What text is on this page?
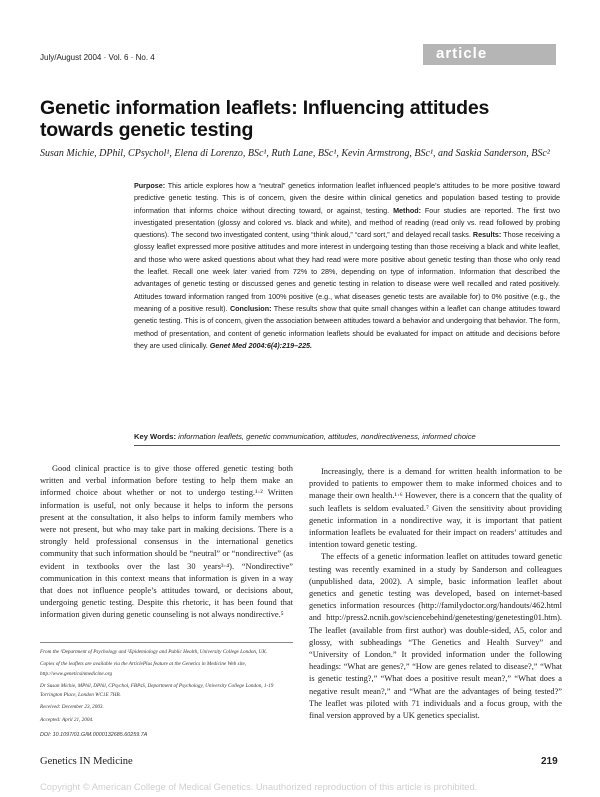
July/August 2004 · Vol. 6 · No. 4	article
Genetic information leaflets: Influencing attitudes towards genetic testing
Susan Michie, DPhil, CPsychol¹, Elena di Lorenzo, BSc¹, Ruth Lane, BSc¹, Kevin Armstrong, BSc¹, and Saskia Sanderson, BSc²
Purpose: This article explores how a “neutral” genetics information leaflet influenced people’s attitudes to be more positive toward predictive genetic testing. This is of concern, given the desire within clinical genetics and population based testing to provide information that informs choice without directing toward, or against, testing. Method: Four studies are reported. The first two investigated presentation (glossy and colored vs. black and white), and method of reading (read only vs. read followed by probing questions). The second two investigated content, using “think aloud,” “card sort,” and delayed recall tasks. Results: Those receiving a glossy leaflet expressed more positive attitudes and more interest in undergoing testing than those receiving a black and white leaflet, and those who were asked questions about what they had read were more positive about genetic testing than those who only read the leaflet. Recall one week later varied from 72% to 28%, depending on type of information. Information that described the advantages of genetic testing or discussed genes and genetic testing in relation to disease were well recalled and rated positively. Attitudes toward information ranged from 100% positive (e.g., what diseases genetic tests are available for) to 0% positive (e.g., the meaning of a positive result). Conclusion: These results show that quite small changes within a leaflet can change attitudes toward genetic testing. This is of concern, given the association between attitudes toward a behavior and undergoing that behavior. The form, method of presentation, and content of genetic information leaflets should be evaluated for impact on attitude and decisions before they are used clinically. Genet Med 2004:6(4):219–225.
Key Words: information leaflets, genetic communication, attitudes, nondirectiveness, informed choice

Good clinical practice is to give those offered genetic testing both written and verbal information before testing to help them make an informed choice about whether or not to undergo testing.¹·² Written information is useful, not only because it helps to inform the persons present at the consultation, it also helps to inform family members who were not present, but who may take part in making decisions. There is a strongly held professional consensus in the international genetics community that such information should be “neutral” or “nondirective” (as evident in textbooks over the last 30 years³·⁴). “Nondirective” communication in this context means that information is given in a way that does not influence people’s attitudes toward, or decisions about, undergoing genetic testing. Despite this rhetoric, it has been found that information given during genetic counseling is not always nondirective.⁵

Increasingly, there is a demand for written health information to be provided to patients to empower them to make informed choices and to manage their own health.¹·⁶ However, there is a concern that the quality of such leaflets is seldom evaluated.⁷ Given the sensitivity about providing genetic information in a nondirective way, it is important that patient information leaflets be evaluated for their impact on readers’ attitudes and intention toward genetic testing.

The effects of a genetic information leaflet on attitudes toward genetic testing was recently examined in a study by Sanderson and colleagues (unpublished data, 2002). A simple, basic information leaflet about genetics and genetic testing was developed, based on internet-based genetics information resources (http://familydoctor.org/handouts/462.html and http://press2.ncnih.gov/sciencebehind/genetesting/genetesting01.htm). The leaflet (available from first author) was double-sided, A5, color and glossy, with subheadings “The Genetics and Health Survey” and “University of London.” It provided information under the following headings: “What are genes?,” “How are genes related to disease?,” “What is genetic testing?,” “What does a positive result mean?,” “What does a negative result mean?,” and “What are the advantages of being tested?” The leaflet was piloted with 71 individuals and a focus group, with the final version approved by a UK genetics specialist.

From the ¹Department of Psychology and ²Epidemiology and Public Health, University College London, UK.
Copies of the leaflets are available via the ArticlePlus feature at the Genetics in Medicine Web site, http://www.geneticsinmedicine.org
Dr Susan Michie, MPhil, DPhil, CPsychol, FBPsS, Department of Psychology, University College London, 1-19 Torrington Place, London WC1E 7HB.
Received: December 23, 2003.
Accepted: April 21, 2004.
DOI: 10.1097/01.GIM.0000132685.60259.7A
Genetics IN Medicine	219
Copyright © American College of Medical Genetics. Unauthorized reproduction of this article is prohibited.
